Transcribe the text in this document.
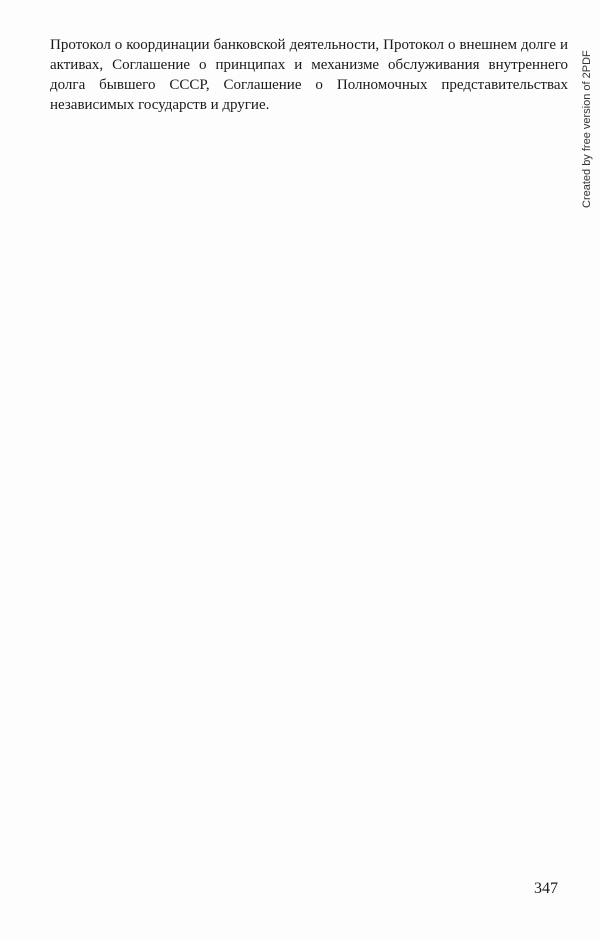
Протокол о координации банковской деятельности, Протокол о внешнем долге и активах, Соглашение о принципах и механизме обслуживания внутреннего долга бывшего СССР, Соглашение о Полномочных представительствах независимых государств и другие.	Created by free version of 2PDF
347
